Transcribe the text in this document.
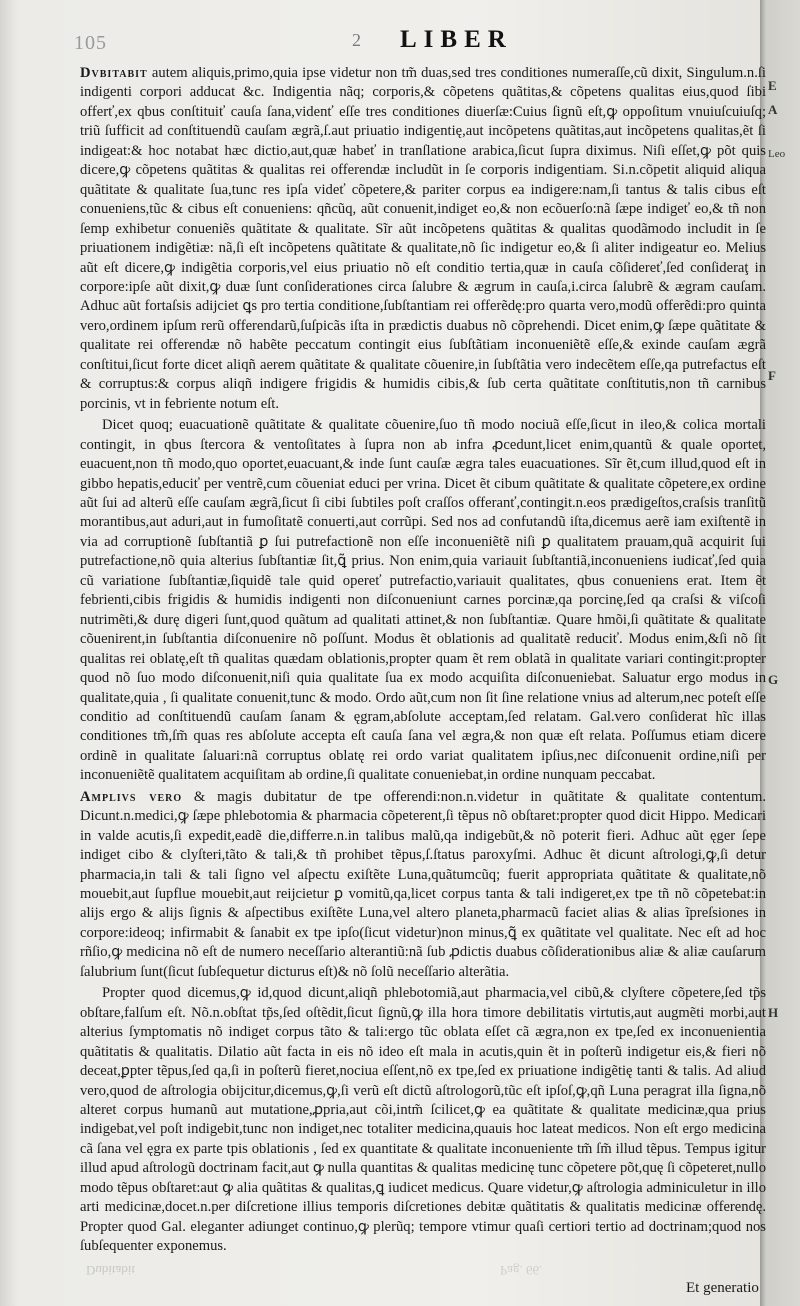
105	2 LIBER

Dvbitabit autem aliquis,primo,quia ipse videtur non tm̃ duas,sed tres conditiones numeraſſe,cũ dixit, Singulum.n.ſi indigenti corpori adducat &c. Indigentia nãq; corporis,& cõpetens quãtitas,& cõpetens qualitas eius,quod ſibi offerť,ex qbus conſtituiť cauſa ſana,videnť eſſe tres conditiones diuerſæ:Cuius ſignũ eſt,ꝙ oppoſitum vnuiuſcuiuſq; triũ ſufficit ad conſtituendũ cauſam ægrã,ſ.aut priuatio indigentię,aut incõpetens quãtitas,aut incõpetens qualitas,ẽt ſi indigeat:& hoc notabat hæc dictio,aut,quæ habeť in tranſlatione arabica,ſicut ſupra diximus. Niſi eſſet,ꝙ põt quis dicere,ꝙ cõpetens quãtitas & qualitas rei offerendæ includũt in ſe corporis indigentiam. Si.n.cõpetit aliquid aliqua quãtitate & qualitate ſua,tunc res ipſa videť cõpetere,& pariter corpus ea indigere:nam,ſi tantus & talis cibus eſt conueniens,tũc & cibus eſt conueniens: qñcũq, aũt conuenit,indiget eo,& non ecõuerſo:nã ſæpe indigeť eo,& tñ non ſemp exhibetur conueniẽs quãtitate & qualitate. Sĩr aũt incõpetens quãtitas & qualitas quodãmodo includit in ſe priuationem indigẽtiæ: nã,ſi eſt incõpetens quãtitate & qualitate,nõ ſic indigetur eo,& ſi aliter indigeatur eo. Melius aũt eſt dicere,ꝙ indigẽtia corporis,vel eius priuatio nõ eſt conditio tertia,quæ in cauſa cõſidereť,ſed conſideraţ in corpore:ipſe aũt dixit,ꝙ duæ ſunt conſiderationes circa ſalubre & ægrum in cauſa,i.circa ſalubrẽ & ægram cauſam. Adhuc aũt fortaſsis adijciet ꝗs pro tertia conditione,ſubſtantiam rei offerẽdę:pro quarta vero,modũ offerẽdi:pro quinta vero,ordinem ipſum rerũ offerendarũ,ſuſpicãs iſta in prædictis duabus nõ cõprehendi. Dicet enim,ꝙ ſæpe quãtitate & qualitate rei offerendæ nõ habẽte peccatum contingit eius ſubſtãtiam inconueniẽtẽ eſſe,& exinde cauſam ægrã conſtitui,ſicut forte dicet aliqñ aerem quãtitate & qualitate cõuenire,in ſubſtãtia vero indecẽtem eſſe,qa putrefactus eſt & corruptus:& corpus aliqñ indigere frigidis & humidis cibis,& ſub certa quãtitate conſtitutis,non tñ carnibus porcinis, vt in febriente notum eſt.

Dicet quoq; euacuationẽ quãtitate & qualitate cõuenire,ſuo tñ modo nociuã eſſe,ſicut in ileo,& colica mortali contingit, in qbus ſtercora & ventoſitates à ſupra non ab infra ꝓcedunt,licet enim,quantũ & quale oportet, euacuent,non tñ modo,quo oportet,euacuant,& inde ſunt cauſæ ægra tales euacuationes. Sĩr ẽt,cum illud,quod eſt in gibbo hepatis,educiť per ventrẽ,cum cõueniat educi per vrina. Dicet ẽt cibum quãtitate & qualitate cõpetere,ex ordine aũt ſui ad alterũ eſſe cauſam ægrã,ſicut ſi cibi ſubtiles poſt craſſos offeranť,contingit.n.eos prædigeſtos,craſsis tranſitũ morantibus,aut aduri,aut in fumoſitatẽ conuerti,aut corrũpi. Sed nos ad confutandũ iſta,dicemus aerẽ iam exiſtentẽ in via ad corruptionẽ ſubſtantiã ꝑ ſui putrefactionẽ non eſſe inconueniẽtẽ niſi ꝑ qualitatem prauam,quã acquirit ſui putrefactione,nõ quia alterius ſubſtantiæ ſit,ꝗ̃ prius. Non enim,quia variauit ſubſtantiã,inconueniens iudicať,ſed quia cũ variatione ſubſtantiæ,ſiquidẽ tale quid opereť putrefactio,variauit qualitates, qbus conueniens erat. Item ẽt febrienti,cibis frigidis & humidis indigenti non diſconueniunt carnes porcinæ,qa porcinę,ſed qa craſsi & viſcoſi nutrimẽti,& durę digeri ſunt,quod quãtum ad qualitati attinet,& non ſubſtantiæ. Quare hmõi,ſi quãtitate & qualitate cõuenirent,in ſubſtantia diſconuenire nõ poſſunt. Modus ẽt oblationis ad qualitatẽ reduciť. Modus enim,&ſi nõ ſit qualitas rei oblatę,eſt tñ qualitas quædam oblationis,propter quam ẽt rem oblatã in qualitate variari contingit:propter quod nõ ſuo modo diſconuenit,niſi quia qualitate ſua ex modo acquiſita diſconueniebat. Saluatur ergo modus in qualitate,quia , ſi qualitate conuenit,tunc & modo. Ordo aũt,cum non ſit ſine relatione vnius ad alterum,nec poteſt eſſe conditio ad conſtituendũ cauſam ſanam & ęgram,abſolute acceptam,ſed relatam. Gal.vero conſiderat hĩc illas conditiones tm̃,ſm̃ quas res abſolute accepta eſt cauſa ſana vel ægra,& non quæ eſt relata. Poſſumus etiam dicere ordinẽ in qualitate ſaluari:nã corruptus oblatę rei ordo variat qualitatem ipſius,nec diſconuenit ordine,niſi per inconueniẽtẽ qualitatem acquiſitam ab ordine,ſi qualitate conueniebat,in ordine nunquam peccabat.

Amplivs vero & magis dubitatur de tpe offerendi:non.n.videtur in quãtitate & qualitate contentum. Dicunt.n.medici,ꝙ ſæpe phlebotomia & pharmacia cõpeterent,ſi tẽpus nõ obſtaret:propter quod dicit Hippo. Medicari in valde acutis,ſi expedit,eadẽ die,differre.n.in talibus malũ,qa indigebũt,& nõ poterit fieri. Adhuc aũt ęger ſepe indiget cibo & clyſteri,tãto & tali,& tñ prohibet tẽpus,ſ.ſtatus paroxyſmi. Adhuc ẽt dicunt aſtrologi,ꝙ,ſi detur pharmacia,in tali & tali ſigno vel aſpectu exiſtẽte Luna,quãtumcũq; fuerit appropriata quãtitate & qualitate,nõ mouebit,aut ſupflue mouebit,aut reijcietur ꝑ vomitũ,qa,licet corpus tanta & tali indigeret,ex tpe tñ nõ cõpetebat:in alijs ergo & alijs ſignis & aſpectibus exiſtẽte Luna,vel altero planeta,pharmacũ faciet alias & alias ĩpreſsiones in corpore:ideoq; infirmabit & ſanabit ex tpe ipſo(ſicut videtur)non minus,ꝗ̃ ex quãtitate vel qualitate. Nec eſt ad hoc rñſio,ꝙ medicina nõ eſt de numero neceſſario alterantiũ:nã ſub ꝓdictis duabus cõſiderationibus aliæ & aliæ cauſarum ſalubrium ſunt(ſicut ſubſequetur dicturus eſt)& nõ ſolũ neceſſario alterãtia.

Propter quod dicemus,ꝙ id,quod dicunt,aliqñ phlebotomiã,aut pharmacia,vel cibũ,& clyſtere cõpetere,ſed tp̃s obſtare,falſum eſt. Nõ.n.obſtat tp̃s,ſed oſtẽdit,ſicut ſignũ,ꝙ illa hora timore debilitatis virtutis,aut augmẽti morbi,aut alterius ſymptomatis nõ indiget corpus tãto & tali:ergo tũc oblata eſſet cã ægra,non ex tpe,ſed ex inconuenientia quãtitatis & qualitatis. Dilatio aũt facta in eis nõ ideo eſt mala in acutis,quin ẽt in poſterũ indigetur eis,& fieri nõ deceat,ꝑpter tẽpus,ſed qa,ſi in poſterũ fieret,nociua eſſent,nõ ex tpe,ſed ex priuatione indigẽtię tanti & talis. Ad aliud vero,quod de aſtrologia obijcitur,dicemus,ꝙ,ſi verũ eſt dictũ aſtrologorũ,tũc eſt ipſoſ,ꝙ,qñ Luna peragrat illa ſigna,nõ alteret corpus humanũ aut mutatione,ꝓpria,aut cõi,intm̃ ſcilicet,ꝙ ea quãtitate & qualitate medicinæ,qua prius indigebat,vel poſt indigebit,tunc non indiget,nec totaliter medicina,quauis hoc lateat medicos. Non eſt ergo medicina cã ſana vel ęgra ex parte tpis oblationis , ſed ex quantitate & qualitate inconueniente tm̃ ſm̃ illud tẽpus. Tempus igitur illud apud aſtrologũ doctrinam facit,aut ꝙ nulla quantitas & qualitas medicinę tunc cõpetere põt,quę ſi cõpeteret,nullo modo tẽpus obſtaret:aut ꝙ alia quãtitas & qualitas,ꝗ iudicet medicus. Quare videtur,ꝙ aſtrologia adminiculetur in illo arti medicinæ,docet.n.per diſcretione illius temporis diſcretiones debitæ quãtitatis & qualitatis medicinæ offerendę. Propter quod Gal. eleganter adiunget continuo,ꝙ plerũq; tempore vtimur quaſi certiori tertio ad doctrinam;quod nos ſubſequenter exponemus.

E
A
Leo
F
G
H
Dubitabit	Pag. 66.
Et generatio
